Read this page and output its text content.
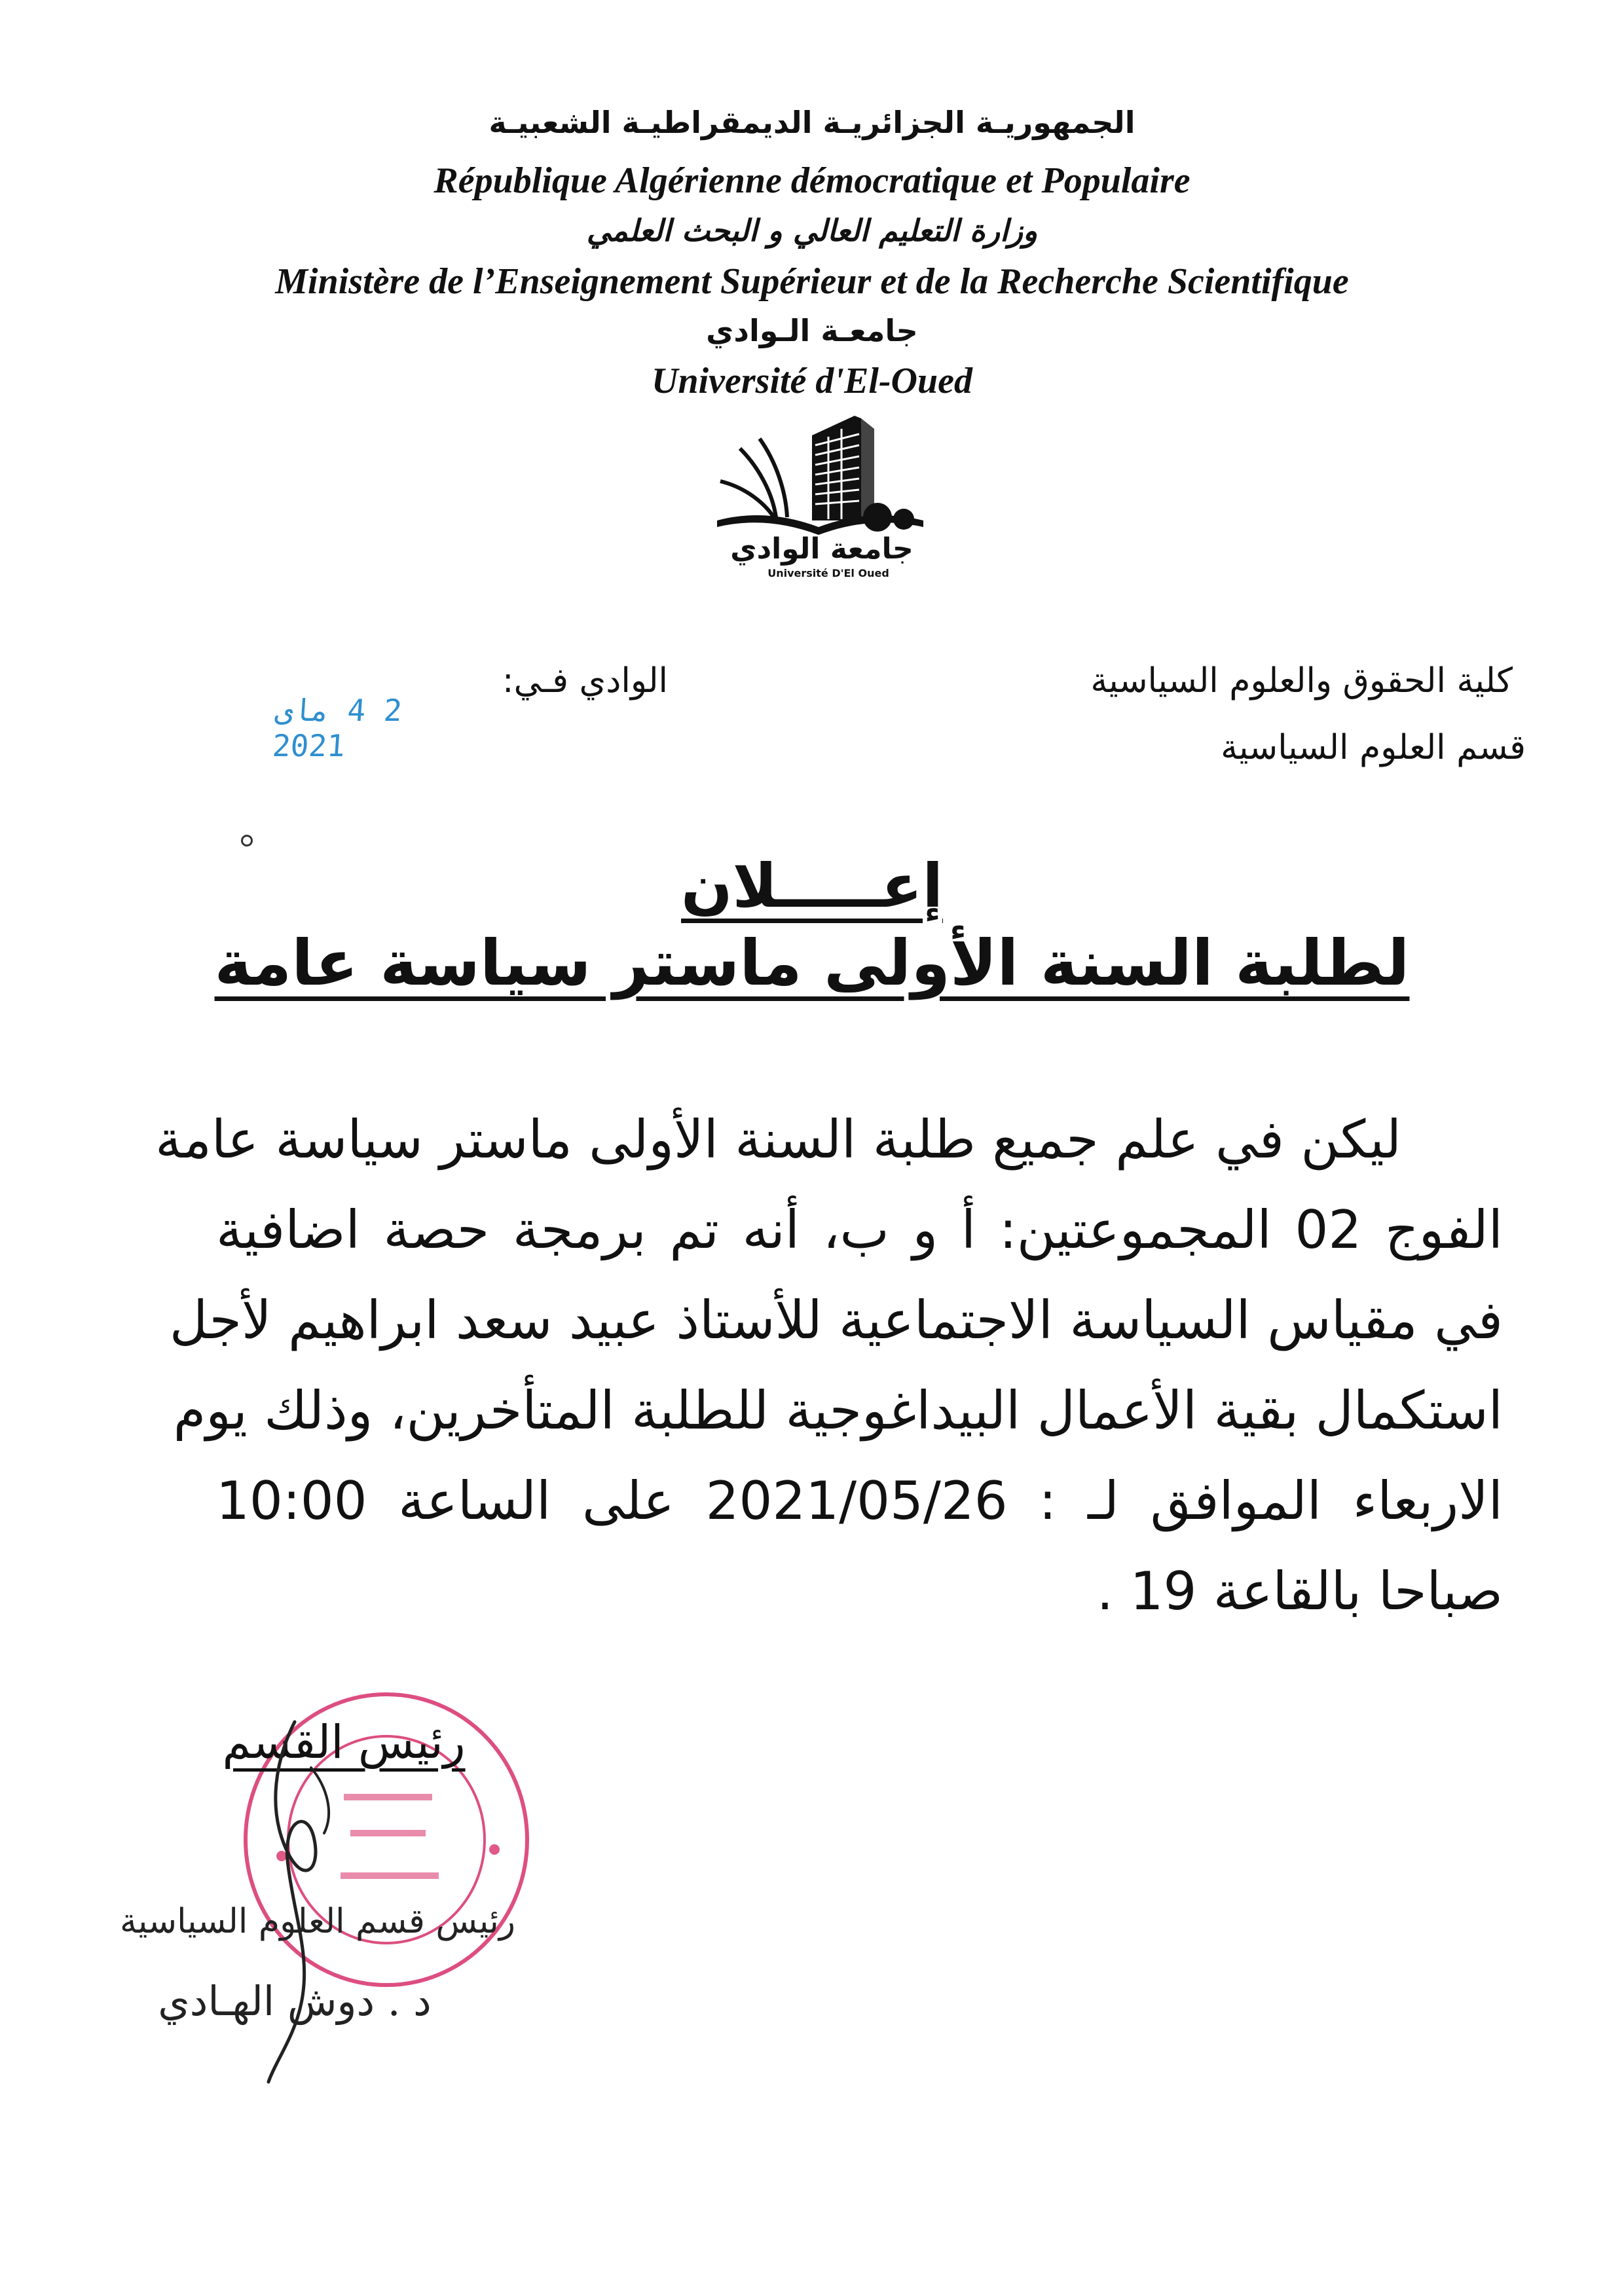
الجمهوريـة الجزائريـة الديمقراطيـة الشعبيـة
République Algérienne démocratique et Populaire
وزارة التعليم العالي و البحث العلمي
Ministère de l’Enseignement Supérieur et de la Recherche Scientifique
جامعـة الـوادي
Université d'El-Oued
جامعة الوادي
Université D'El Oued
كلية الحقوق والعلوم السياسية
قسم العلوم السياسية
الوادي فـي:
2 4 ماى 2021
إعـــــلان
لطلبة السنة الأولى ماستر سياسة عامة
ليكن في علم جميع طلبة السنة الأولى ماستر سياسة عامة
الفوج 02 المجموعتين: أ و ب، أنه تم برمجة حصة اضافية
في مقياس السياسة الاجتماعية للأستاذ عبيد سعد ابراهيم لأجل
استكمال بقية الأعمال البيداغوجية للطلبة المتأخرين، وذلك يوم
الاربعاء الموافق لـ : 2021/05/26 على الساعة 10:00
صباحا بالقاعة 19 .
رئيس القسم
رئيس قسم العلوم السياسية
د . دوش الهـادي
